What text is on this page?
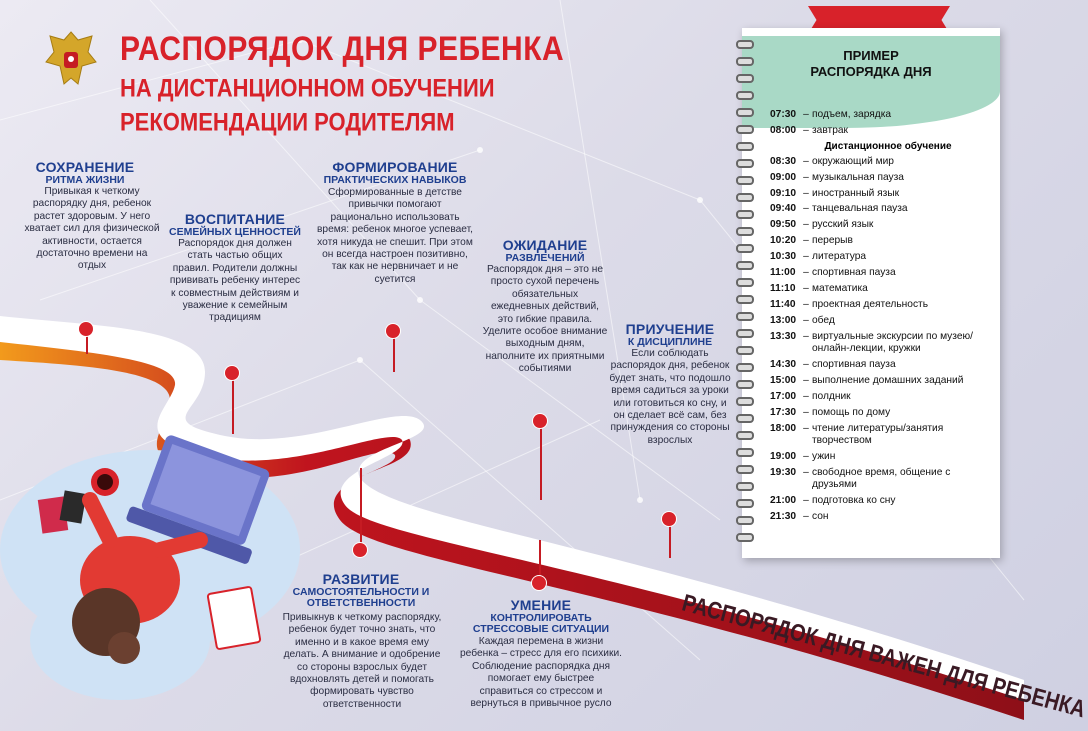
РАСПОРЯДОК ДНЯ РЕБЕНКА
НА ДИСТАНЦИОННОМ ОБУЧЕНИИ
РЕКОМЕНДАЦИИ РОДИТЕЛЯМ
СОХРАНЕНИЕ
РИТМА ЖИЗНИ
Привыкая к четкому распорядку дня, ребенок растет здоровым. У него хватает сил для физической активности, остается достаточно времени на отдых
ВОСПИТАНИЕ
СЕМЕЙНЫХ ЦЕННОСТЕЙ
Распорядок дня должен стать частью общих правил. Родители должны прививать ребенку интерес к совместным действиям и уважение к семейным традициям
ФОРМИРОВАНИЕ
ПРАКТИЧЕСКИХ НАВЫКОВ
Сформированные в детстве привычки помогают рационально использовать время: ребенок многое успевает, хотя никуда не спешит. При этом он всегда настроен позитивно, так как не нервничает и не суетится
ОЖИДАНИЕ
РАЗВЛЕЧЕНИЙ
Распорядок дня – это не просто сухой перечень обязательных ежедневных действий, это гибкие правила. Уделите особое внимание выходным дням, наполните их приятными событиями
ПРИУЧЕНИЕ
К ДИСЦИПЛИНЕ
Если соблюдать распорядок дня, ребенок будет знать, что подошло время садиться за уроки или готовиться ко сну, и он сделает всё сам, без принуждения со стороны взрослых
РАЗВИТИЕ
САМОСТОЯТЕЛЬНОСТИ И ОТВЕТСТВЕННОСТИ
Привыкнув к четкому распорядку, ребенок будет точно знать, что именно и в какое время ему делать. А внимание и одобрение со стороны взрослых будет вдохновлять детей и помогать формировать чувство ответственности
УМЕНИЕ
КОНТРОЛИРОВАТЬ СТРЕССОВЫЕ СИТУАЦИИ
Каждая перемена в жизни ребенка – стресс для его психики. Соблюдение распорядка дня помогает ему быстрее справиться со стрессом и вернуться в привычное русло	РАСПОРЯДОК ДНЯ ВАЖЕН ДЛЯ РЕБЕНКА
ПРИМЕР
РАСПОРЯДКА ДНЯ
07:30 – подъем, зарядка
08:00 – завтрак
Дистанционное обучение
08:30 – окружающий мир
09:00 – музыкальная пауза
09:10 – иностранный язык
09:40 – танцевальная пауза
09:50 – русский язык
10:20 – перерыв
10:30 – литература
11:00 – спортивная пауза
11:10 – математика
11:40 – проектная деятельность
13:00 – обед
13:30 – виртуальные экскурсии по музею/онлайн-лекции, кружки
14:30 – спортивная пауза
15:00 – выполнение домашних заданий
17:00 – полдник
17:30 – помощь по дому
18:00 – чтение литературы/занятия творчеством
19:00 – ужин
19:30 – свободное время, общение с друзьями
21:00 – подготовка ко сну
21:30 – сон
